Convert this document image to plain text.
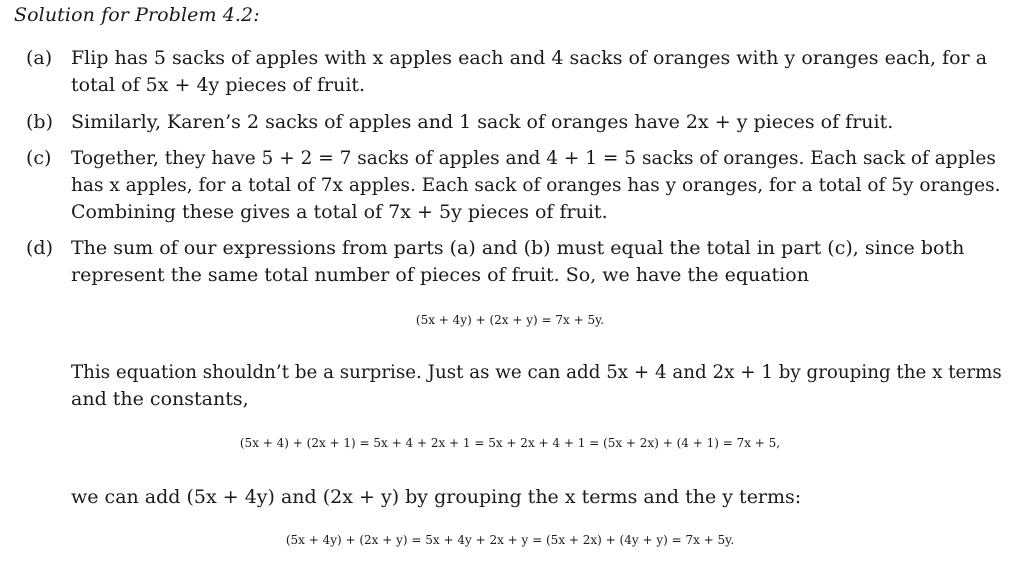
Solution for Problem 4.2:
(a) Flip has 5 sacks of apples with x apples each and 4 sacks of oranges with y oranges each, for a
total of 5x + 4y pieces of fruit.
(b) Similarly, Karen’s 2 sacks of apples and 1 sack of oranges have 2x + y pieces of fruit.
(c)	Together, they have 5 + 2 = 7 sacks of apples and 4 + 1 = 5 sacks of oranges. Each sack of apples
has x apples, for a total of 7x apples. Each sack of oranges has y oranges, for a total of 5y oranges.
Combining these gives a total of 7x + 5y pieces of fruit.
(d) The sum of our expressions from parts (a) and (b) must equal the total in part (c), since both
represent the same total number of pieces of fruit. So, we have the equation
(5x + 4y) + (2x + y) = 7x + 5y.
This equation shouldn’t be a surprise. Just as we can add 5x + 4 and 2x + 1 by grouping the x terms
and the constants,
(5x + 4) + (2x + 1) = 5x + 4 + 2x + 1 = 5x + 2x + 4 + 1 = (5x + 2x) + (4 + 1) = 7x + 5,
we can add (5x + 4y) and (2x + y) by grouping the x terms and the y terms:
(5x + 4y) + (2x + y) = 5x + 4y + 2x + y = (5x + 2x) + (4y + y) = 7x + 5y.
